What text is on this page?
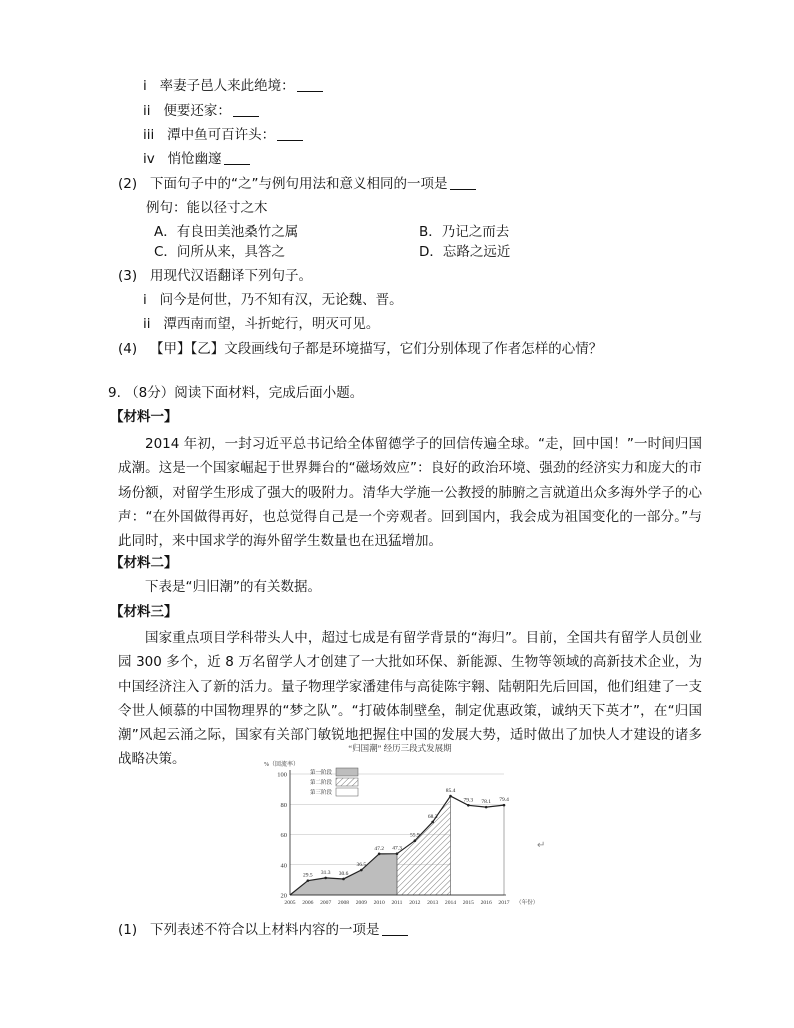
i 率妻子邑人来此绝境：
ii 便要还家：
iii 潭中鱼可百许头：
iv 悄怆幽邃
(2) 下面句子中的“之”与例句用法和意义相同的一项是
例句：能以径寸之木
A．有良田美池桑竹之属	B．乃记之而去
C．问所从来，具答之	D．忘路之远近
(3) 用现代汉语翻译下列句子。
i 问今是何世，乃不知有汉，无论魏、晋。
ii 潭西南而望，斗折蛇行，明灭可见。
(4) 【甲】【乙】文段画线句子都是环境描写，它们分别体现了作者怎样的心情？
9. （8分）阅读下面材料，完成后面小题。
【材料一】
2014 年初，一封习近平总书记给全体留德学子的回信传遍全球。“走，回中国！”一时间归国成潮。这是一个国家崛起于世界舞台的“磁场效应”：良好的政治环境、强劲的经济实力和庞大的市场份额，对留学生形成了强大的吸附力。清华大学施一公教授的肺腑之言就道出众多海外学子的心声：“在外国做得再好，也总觉得自己是一个旁观者。回到国内，我会成为祖国变化的一部分。”与此同时，来中国求学的海外留学生数量也在迅猛增加。
【材料二】
下表是“归旧潮”的有关数据。
【材料三】
国家重点项目学科带头人中，超过七成是有留学背景的“海归”。目前，全国共有留学人员创业园 300 多个，近 8 万名留学人才创建了一大批如环保、新能源、生物等领域的高新技术企业，为中国经济注入了新的活力。量子物理学家潘建伟与高徒陈宇翱、陆朝阳先后回国，他们组建了一支令世人倾慕的中国物理界的“梦之队”。“打破体制壁垒，制定优惠政策，诚纳天下英才”，在“归国潮”风起云涌之际，国家有关部门敏锐地把握住中国的发展大势，适时做出了加快人才建设的诸多战略决策。
“归国潮” 经历三段式发展期
%（回流率）
20
40
60
80
100
29.5 31.3 30.6
36.5
47.2 47.3
55.9
68.3
85.4
79.3 78.1 79.4
2005 2006 2007 2008 2009 2010 2011 2012 2013 2014 2015 2016 2017 （年份）
第一阶段
第二阶段
第三阶段
↵
(1) 下列表述不符合以上材料内容的一项是
